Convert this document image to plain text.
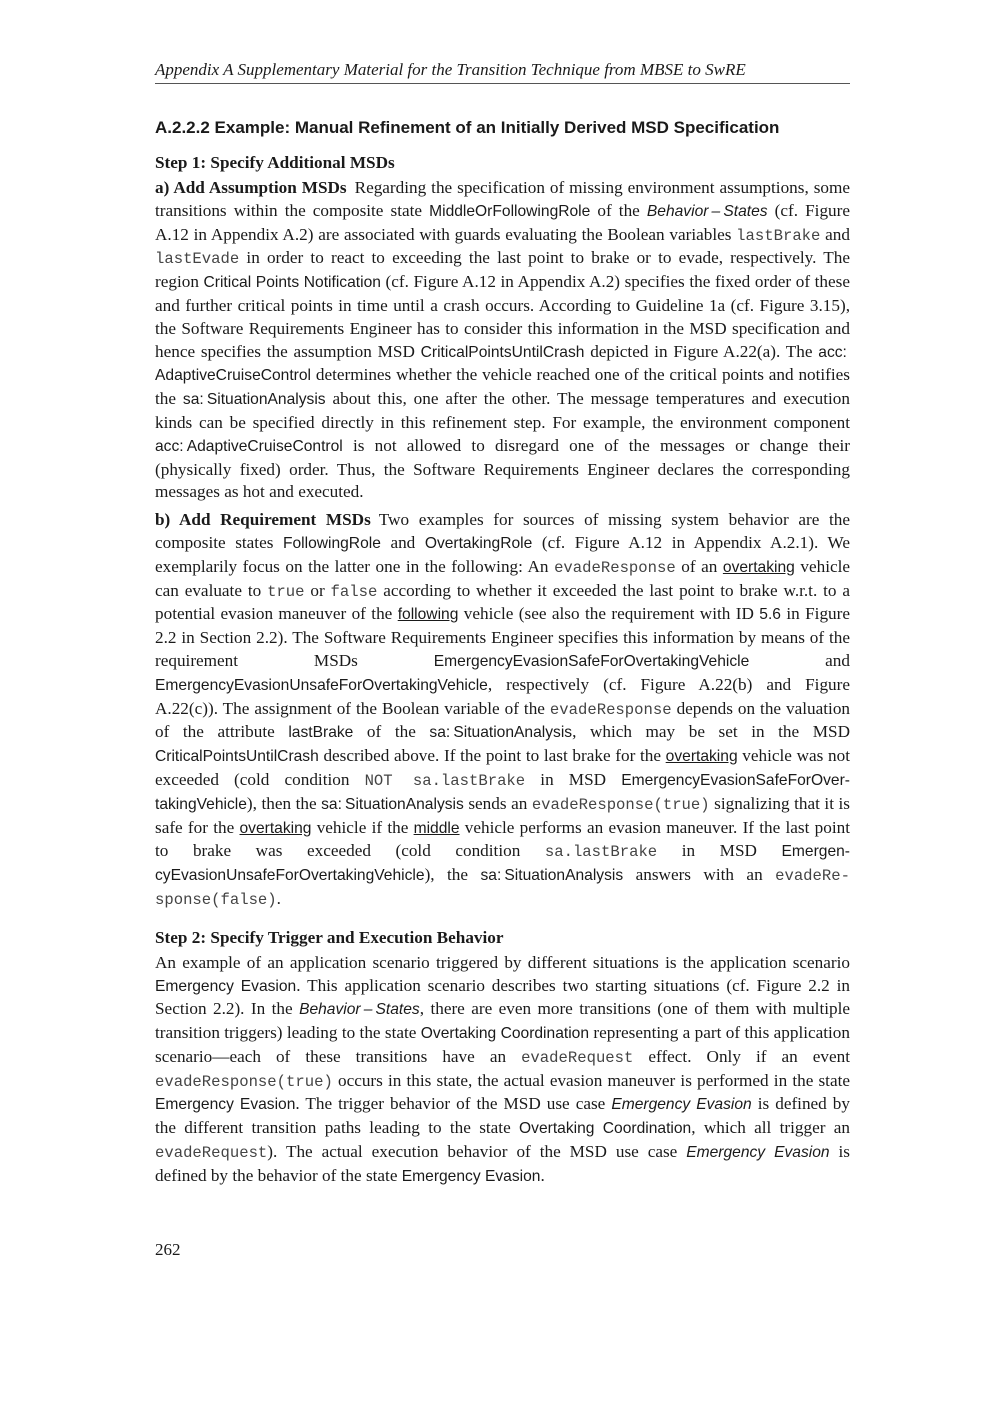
Appendix A Supplementary Material for the Transition Technique from MBSE to SwRE
A.2.2.2 Example: Manual Refinement of an Initially Derived MSD Specification
Step 1: Specify Additional MSDs

a) Add Assumption MSDs Regarding the specification of missing environment assumptions, some transitions within the composite state MiddleOrFollowingRole of the Behavior – States (cf. Figure A.12 in Appendix A.2) are associated with guards evaluating the Boolean variables lastBrake and lastEvade in order to react to exceeding the last point to brake or to evade, respectively. The region Critical Points Notification (cf. Figure A.12 in Appendix A.2) specifies the fixed order of these and further critical points in time until a crash occurs. According to Guideline 1a (cf. Figure 3.15), the Software Requirements Engineer has to consider this information in the MSD specification and hence specifies the assumption MSD CriticalPointsUntilCrash depicted in Figure A.22(a). The acc: AdaptiveCruiseControl determines whether the vehicle reached one of the critical points and notifies the sa: SituationAnalysis about this, one after the other. The message temperatures and execution kinds can be specified directly in this refinement step. For example, the environment component acc: AdaptiveCruiseControl is not allowed to disregard one of the messages or change their (physically fixed) order. Thus, the Software Requirements Engineer declares the corresponding messages as hot and executed.

b) Add Requirement MSDs Two examples for sources of missing system behavior are the composite states FollowingRole and OvertakingRole (cf. Figure A.12 in Appendix A.2.1). We exemplarily focus on the latter one in the following: An evadeResponse of an overtaking vehicle can evaluate to true or false according to whether it exceeded the last point to brake w.r.t. to a potential evasion maneuver of the following vehicle (see also the requirement with ID 5.6 in Figure 2.2 in Section 2.2). The Software Requirements Engineer specifies this information by means of the requirement MSDs EmergencyEvasionSafeForOvertakingVehicle and EmergencyEvasionUnsafeForOvertakingVehicle, respectively (cf. Figure A.22(b) and Figure A.22(c)). The assignment of the Boolean variable of the evadeResponse depends on the valuation of the attribute lastBrake of the sa: SituationAnalysis, which may be set in the MSD CriticalPointsUntilCrash described above. If the point to last brake for the overtaking vehicle was not exceeded (cold condition NOT sa.lastBrake in MSD EmergencyEvasionSafeForOvertakingVehicle), then the sa: SituationAnalysis sends an evadeResponse(true) signalizing that it is safe for the overtaking vehicle if the middle vehicle performs an evasion maneuver. If the last point to brake was exceeded (cold condition sa.lastBrake in MSD EmergencyEvasionUnsafeForOvertakingVehicle), the sa: SituationAnalysis answers with an evadeResponse(false).

Step 2: Specify Trigger and Execution Behavior

An example of an application scenario triggered by different situations is the application scenario Emergency Evasion. This application scenario describes two starting situations (cf. Figure 2.2 in Section 2.2). In the Behavior – States, there are even more transitions (one of them with multiple transition triggers) leading to the state Overtaking Coordination representing a part of this application scenario—each of these transitions have an evadeRequest effect. Only if an event evadeResponse(true) occurs in this state, the actual evasion maneuver is performed in the state Emergency Evasion. The trigger behavior of the MSD use case Emergency Evasion is defined by the different transition paths leading to the state Overtaking Coordination, which all trigger an evadeRequest). The actual execution behavior of the MSD use case Emergency Evasion is defined by the behavior of the state Emergency Evasion.

262
